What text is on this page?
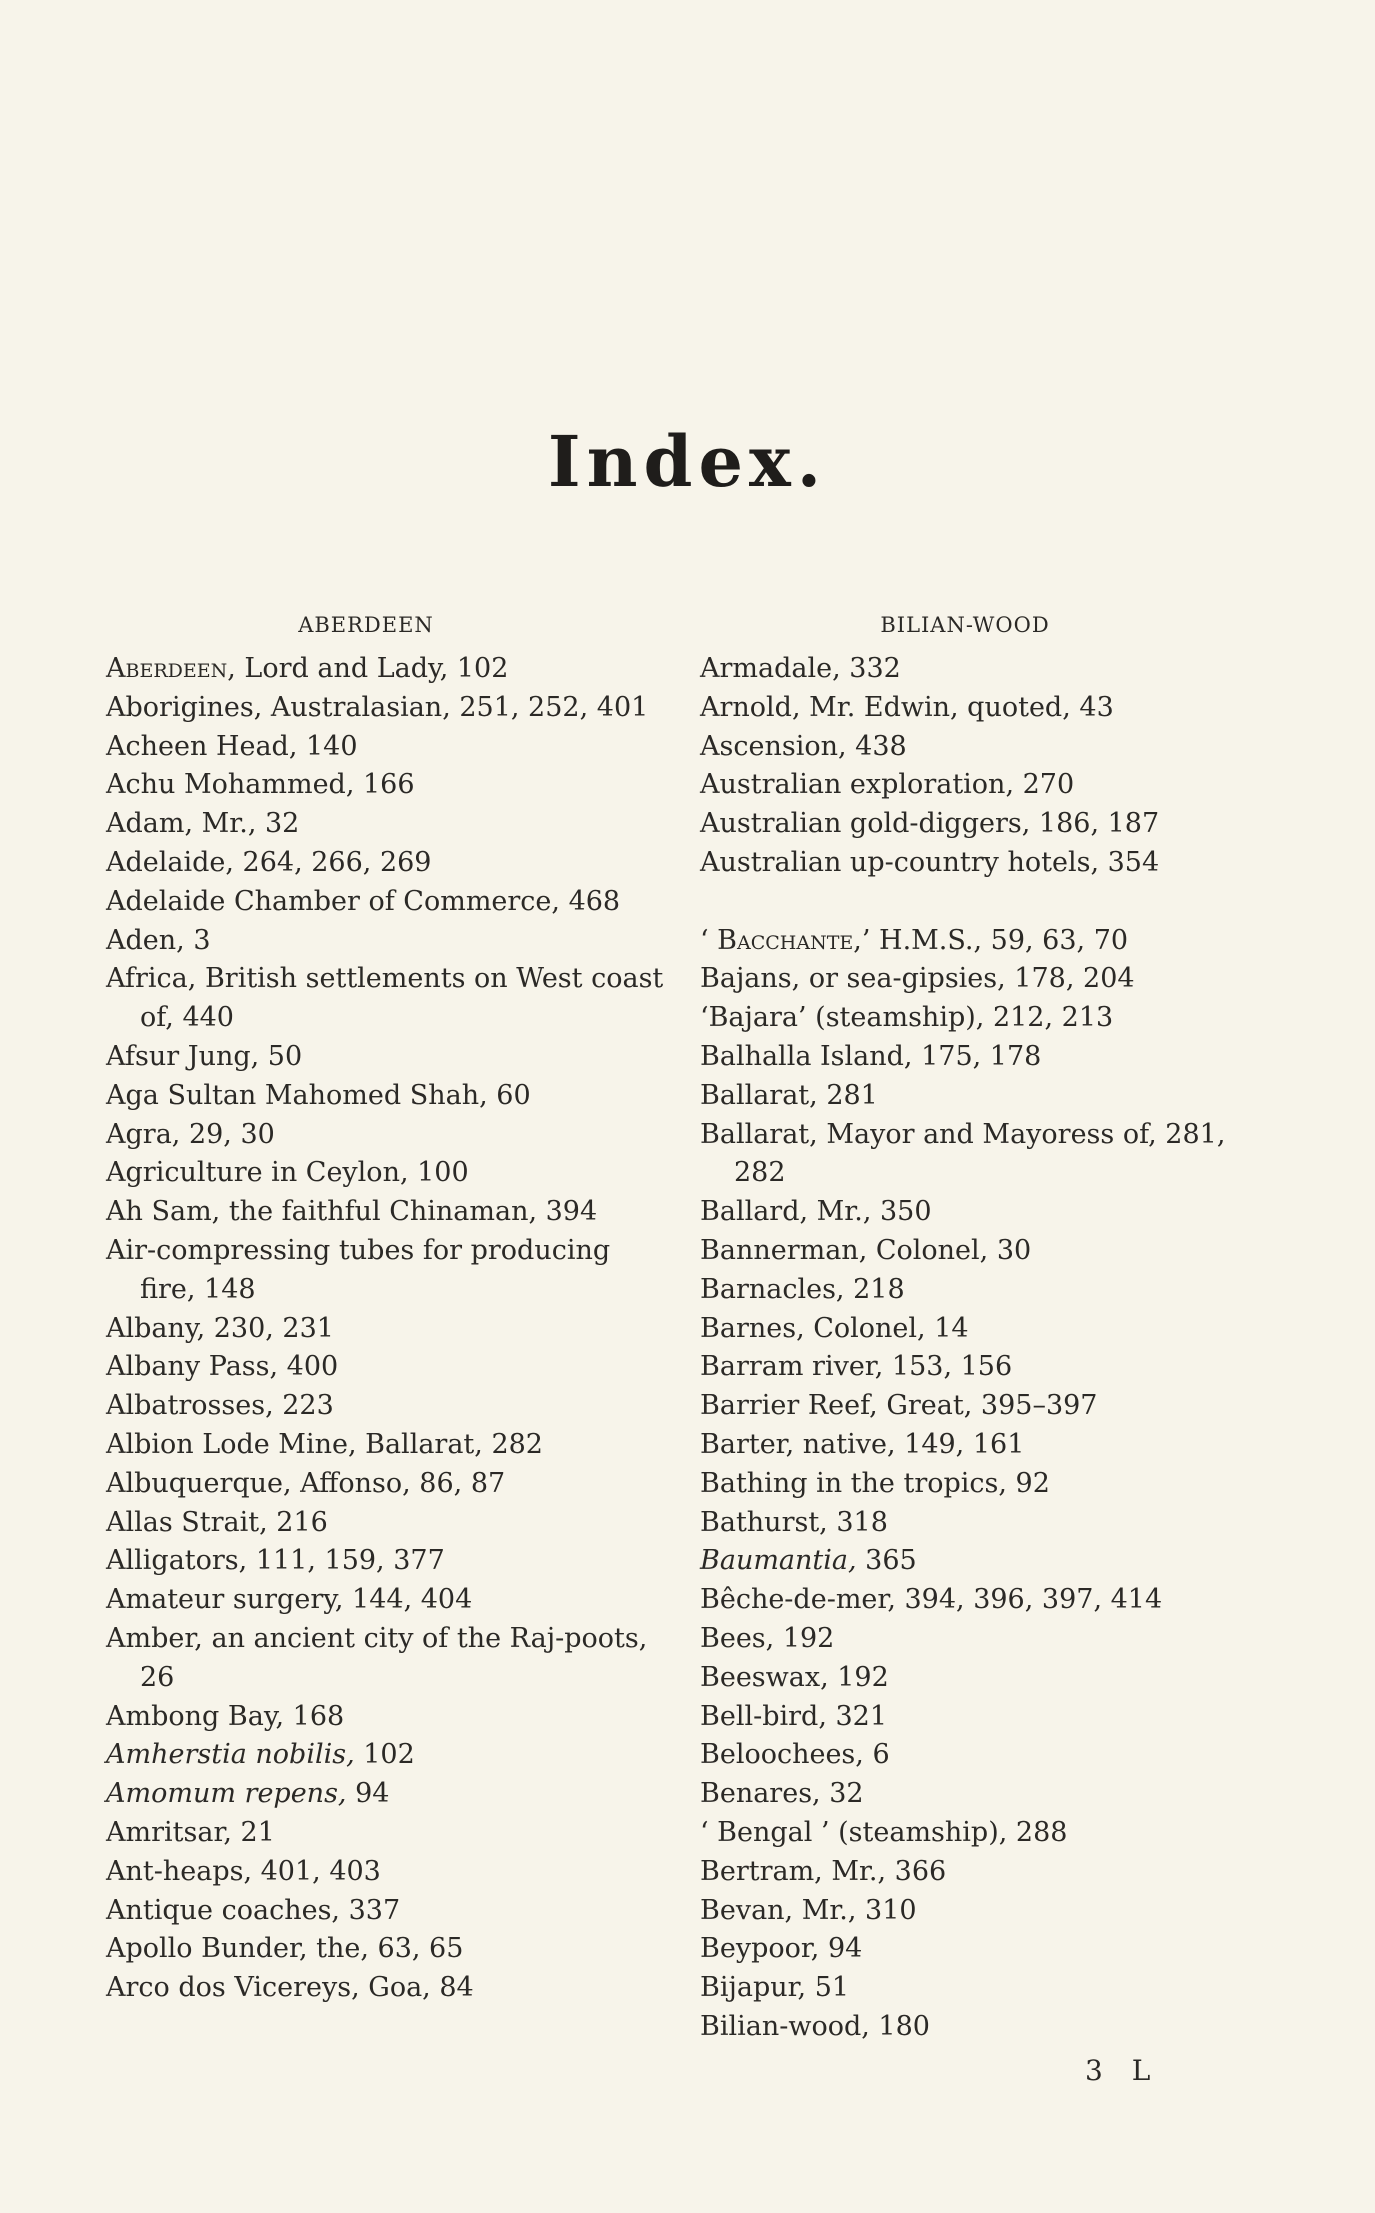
Index.
ABERDEEN

Aberdeen, Lord and Lady, 102

Aborigines, Australasian, 251, 252, 401

Acheen Head, 140

Achu Mohammed, 166

Adam, Mr., 32

Adelaide, 264, 266, 269

Adelaide Chamber of Commerce, 468

Aden, 3

Africa, British settlements on West coast of, 440

Afsur Jung, 50

Aga Sultan Mahomed Shah, 60

Agra, 29, 30

Agriculture in Ceylon, 100

Ah Sam, the faithful Chinaman, 394

Air-compressing tubes for producing fire, 148

Albany, 230, 231

Albany Pass, 400

Albatrosses, 223

Albion Lode Mine, Ballarat, 282

Albuquerque, Affonso, 86, 87

Allas Strait, 216

Alligators, 111, 159, 377

Amateur surgery, 144, 404

Amber, an ancient city of the Raj-poots, 26

Ambong Bay, 168

Amherstia nobilis, 102

Amomum repens, 94

Amritsar, 21

Ant-heaps, 401, 403

Antique coaches, 337

Apollo Bunder, the, 63, 65

Arco dos Vicereys, Goa, 84

BILIAN-WOOD

Armadale, 332

Arnold, Mr. Edwin, quoted, 43

Ascension, 438

Australian exploration, 270

Australian gold-diggers, 186, 187

Australian up-country hotels, 354

‘ Bacchante,’ H.M.S., 59, 63, 70

Bajans, or sea-gipsies, 178, 204

‘Bajara’ (steamship), 212, 213

Balhalla Island, 175, 178

Ballarat, 281

Ballarat, Mayor and Mayoress of, 281, 282

Ballard, Mr., 350

Bannerman, Colonel, 30

Barnacles, 218

Barnes, Colonel, 14

Barram river, 153, 156

Barrier Reef, Great, 395–397

Barter, native, 149, 161

Bathing in the tropics, 92

Bathurst, 318

Baumantia, 365

Bêche-de-mer, 394, 396, 397, 414

Bees, 192

Beeswax, 192

Bell-bird, 321

Beloochees, 6

Benares, 32

‘ Bengal ’ (steamship), 288

Bertram, Mr., 366

Bevan, Mr., 310

Beypoor, 94

Bijapur, 51

Bilian-wood, 180

3 L
